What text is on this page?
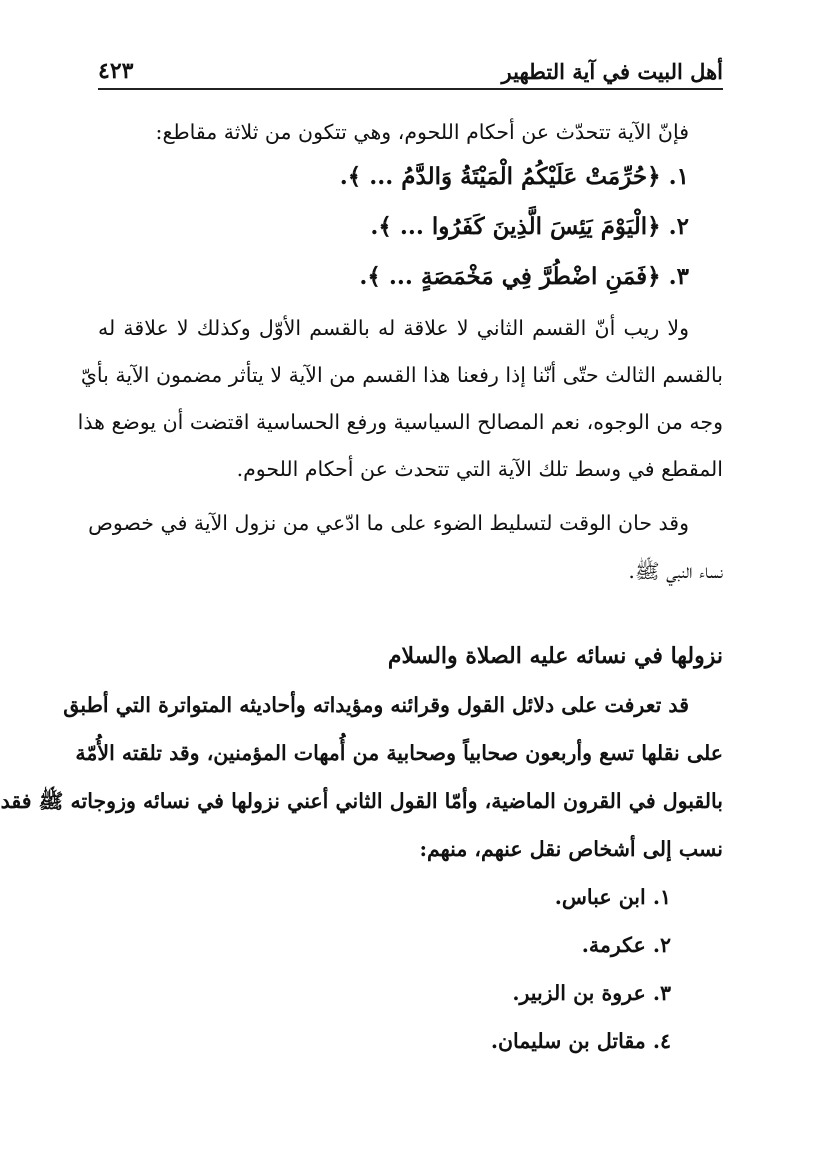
أهل البيت في آية التطهير
٤٢٣
فإنّ الآية تتحدّث عن أحكام اللحوم، وهي تتكون من ثلاثة مقاطع:
١. ﴿حُرِّمَتْ عَلَيْكُمُ الْمَيْتَةُ وَالدَّمُ ... ﴾.
٢. ﴿الْيَوْمَ يَئِسَ الَّذِينَ كَفَرُوا ... ﴾.
٣. ﴿فَمَنِ اضْطُرَّ فِي مَخْمَصَةٍ ... ﴾.
ولا ريب أنّ القسم الثاني لا علاقة له بالقسم الأوّل وكذلك لا علاقة له
بالقسم الثالث حتّى أنّنا إذا رفعنا هذا القسم من الآية لا يتأثر مضمون الآية بأيّ
وجه من الوجوه، نعم المصالح السياسية ورفع الحساسية اقتضت أن يوضع هذا
المقطع في وسط تلك الآية التي تتحدث عن أحكام اللحوم.
وقد حان الوقت لتسليط الضوء على ما ادّعي من نزول الآية في خصوص
نساء النبي ﷺ.
نزولها في نسائه عليه الصلاة والسلام
قد تعرفت على دلائل القول وقرائنه ومؤيداته وأحاديثه المتواترة التي أطبق
على نقلها تسع وأربعون صحابياً وصحابية من أُمهات المؤمنين، وقد تلقته الأُمّة
بالقبول في القرون الماضية، وأمّا القول الثاني أعني نزولها في نسائه وزوجاته ﷺ فقد
نسب إلى أشخاص نقل عنهم، منهم:
١. ابن عباس.
٢. عكرمة.
٣. عروة بن الزبير.
٤. مقاتل بن سليمان.
